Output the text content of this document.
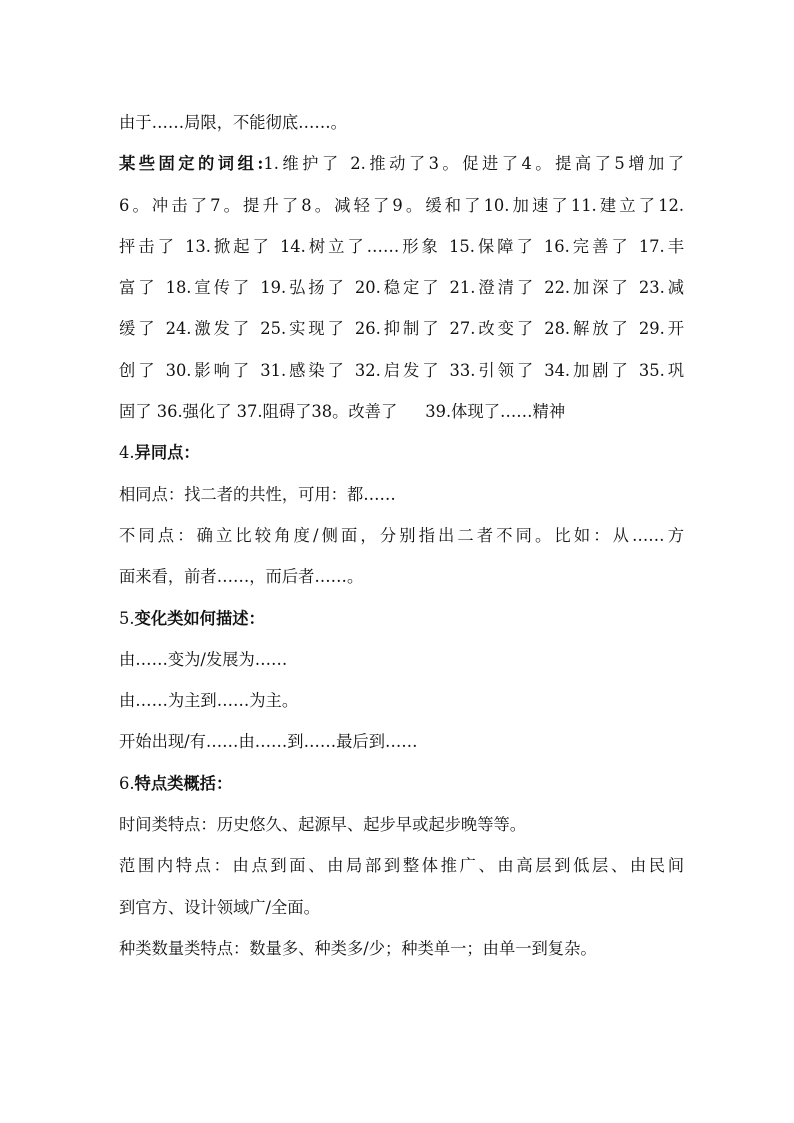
由于……局限，不能彻底……。
某些固定的词组:1.维护了 2.推动了3。促进了4。提高了5增加了
6。冲击了7。提升了8。减轻了9。缓和了10.加速了11.建立了12.
抨击了 13.掀起了 14.树立了……形象 15.保障了 16.完善了 17.丰
富了 18.宣传了 19.弘扬了 20.稳定了 21.澄清了 22.加深了 23.减
缓了 24.激发了 25.实现了 26.抑制了 27.改变了 28.解放了 29.开
创了 30.影响了 31.感染了 32.启发了 33.引领了 34.加剧了 35.巩
固了 36.强化了 37.阻碍了38。改善了 39.体现了……精神
4.异同点：
相同点：找二者的共性，可用：都……
不同点：确立比较角度/侧面，分别指出二者不同。比如：从……方
面来看，前者……，而后者……。
5.变化类如何描述：
由……变为/发展为……
由……为主到……为主。
开始出现/有……由……到……最后到……
6.特点类概括：
时间类特点：历史悠久、起源早、起步早或起步晚等等。
范围内特点：由点到面、由局部到整体推广、由高层到低层、由民间
到官方、设计领域广/全面。
种类数量类特点：数量多、种类多/少；种类单一；由单一到复杂。
